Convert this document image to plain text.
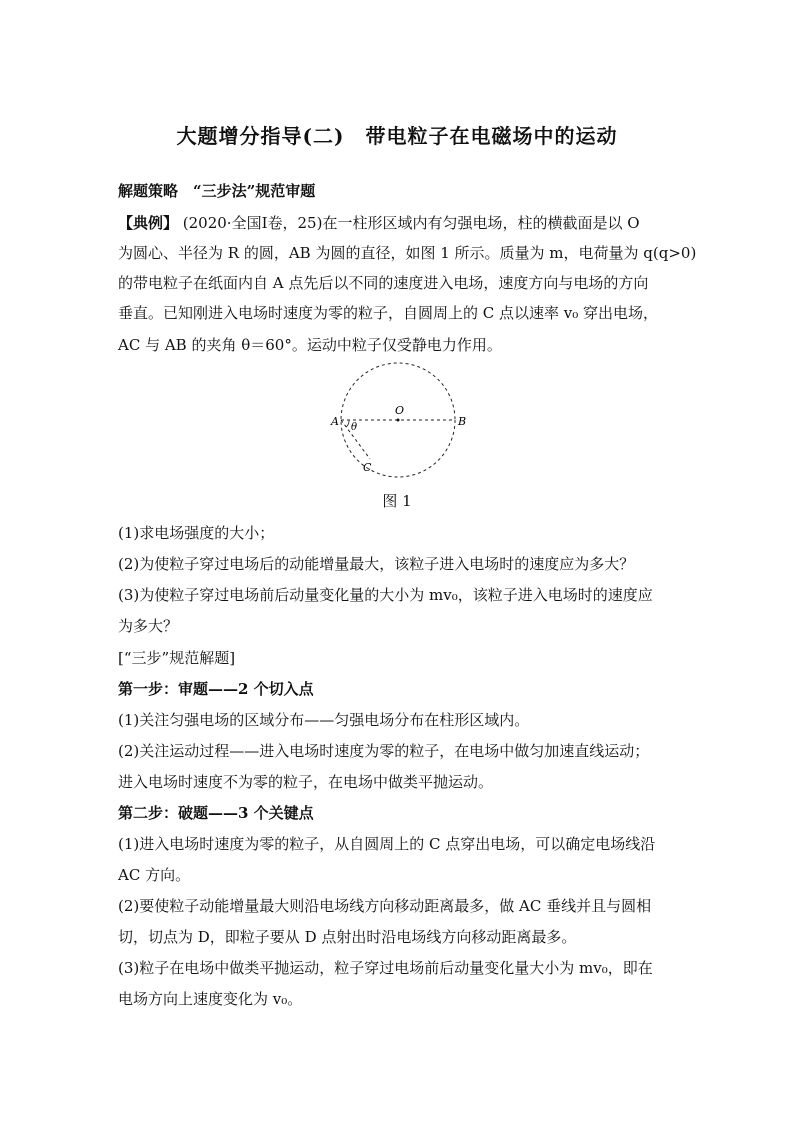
大题增分指导(二)　带电粒子在电磁场中的运动
解题策略　“三步法”规范审题
【典例】 (2020·全国Ⅰ卷，25)在一柱形区域内有匀强电场，柱的横截面是以 O
为圆心、半径为 R 的圆，AB 为圆的直径，如图 1 所示。质量为 m，电荷量为 q(q>0)
的带电粒子在纸面内自 A 点先后以不同的速度进入电场，速度方向与电场的方向
垂直。已知刚进入电场时速度为零的粒子，自圆周上的 C 点以速率 v₀ 穿出电场，
AC 与 AB 的夹角 θ＝60°。运动中粒子仅受静电力作用。
A	B
O
C
θ
图 1
(1)求电场强度的大小；
(2)为使粒子穿过电场后的动能增量最大，该粒子进入电场时的速度应为多大？
(3)为使粒子穿过电场前后动量变化量的大小为 mv₀，该粒子进入电场时的速度应
为多大？
[“三步”规范解题]
第一步：审题——2 个切入点
(1)关注匀强电场的区域分布——匀强电场分布在柱形区域内。
(2)关注运动过程——进入电场时速度为零的粒子，在电场中做匀加速直线运动；
进入电场时速度不为零的粒子，在电场中做类平抛运动。
第二步：破题——3 个关键点
(1)进入电场时速度为零的粒子，从自圆周上的 C 点穿出电场，可以确定电场线沿
AC 方向。
(2)要使粒子动能增量最大则沿电场线方向移动距离最多，做 AC 垂线并且与圆相
切，切点为 D，即粒子要从 D 点射出时沿电场线方向移动距离最多。
(3)粒子在电场中做类平抛运动，粒子穿过电场前后动量变化量大小为 mv₀，即在
电场方向上速度变化为 v₀。
